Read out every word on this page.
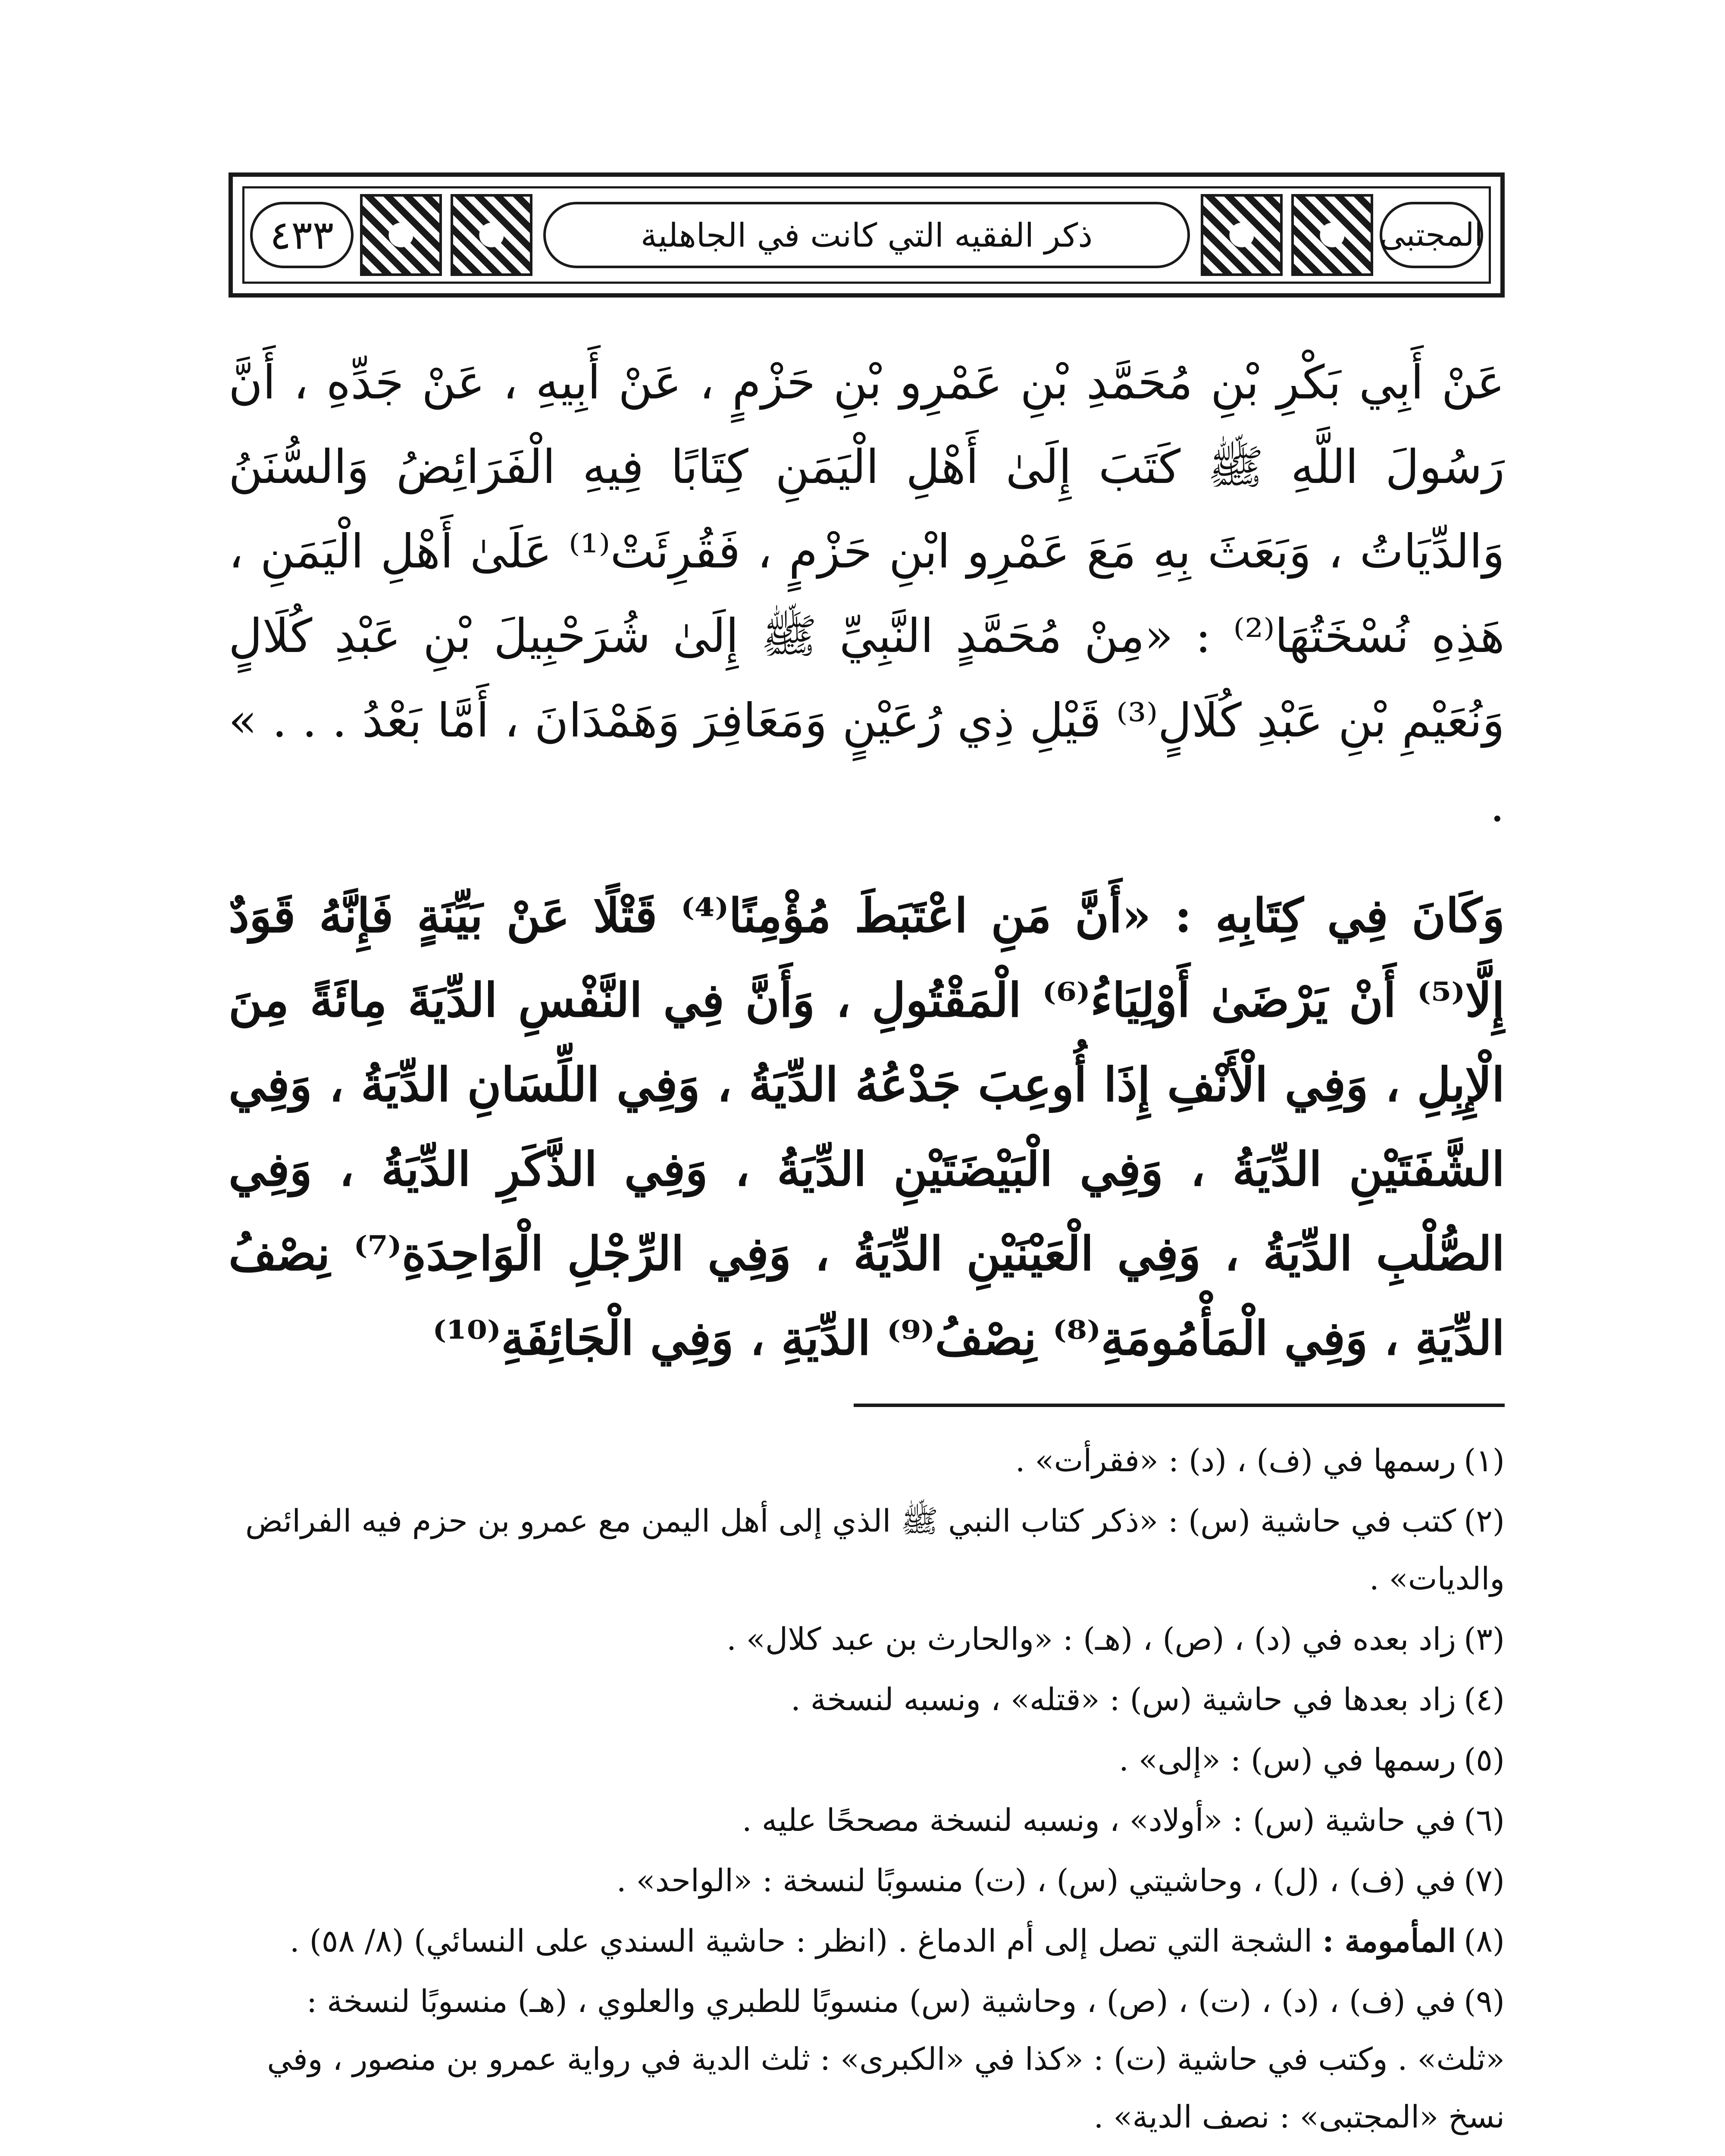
٤٣٣	ذكر الفقيه التي كانت في الجاهلية	المجتبى

عَنْ أَبِي بَكْرِ بْنِ مُحَمَّدِ بْنِ عَمْرِو بْنِ حَزْمٍ ، عَنْ أَبِيهِ ، عَنْ جَدِّهِ ، أَنَّ رَسُولَ اللَّهِ ﷺ كَتَبَ إِلَىٰ أَهْلِ الْيَمَنِ كِتَابًا فِيهِ الْفَرَائِضُ وَالسُّنَنُ وَالدِّيَاتُ ، وَبَعَثَ بِهِ مَعَ عَمْرِو ابْنِ حَزْمٍ ، فَقُرِئَتْ⁽¹⁾ عَلَىٰ أَهْلِ الْيَمَنِ ، هَذِهِ نُسْخَتُهَا⁽²⁾ : «مِنْ مُحَمَّدٍ النَّبِيِّ ﷺ إِلَىٰ شُرَحْبِيلَ بْنِ عَبْدِ كُلَالٍ وَنُعَيْمِ بْنِ عَبْدِ كُلَالٍ⁽³⁾ قَيْلِ ذِي رُعَيْنٍ وَمَعَافِرَ وَهَمْدَانَ ، أَمَّا بَعْدُ . . . » .

وَكَانَ فِي كِتَابِهِ : «أَنَّ مَنِ اعْتَبَطَ مُؤْمِنًا⁽⁴⁾ قَتْلًا عَنْ بَيِّنَةٍ فَإِنَّهُ قَوَدٌ إِلَّا⁽⁵⁾ أَنْ يَرْضَىٰ أَوْلِيَاءُ⁽⁶⁾ الْمَقْتُولِ ، وَأَنَّ فِي النَّفْسِ الدِّيَةَ مِائَةً مِنَ الْإِبِلِ ، وَفِي الْأَنْفِ إِذَا أُوعِبَ جَدْعُهُ الدِّيَةُ ، وَفِي اللِّسَانِ الدِّيَةُ ، وَفِي الشَّفَتَيْنِ الدِّيَةُ ، وَفِي الْبَيْضَتَيْنِ الدِّيَةُ ، وَفِي الذَّكَرِ الدِّيَةُ ، وَفِي الصُّلْبِ الدِّيَةُ ، وَفِي الْعَيْنَيْنِ الدِّيَةُ ، وَفِي الرِّجْلِ الْوَاحِدَةِ⁽⁷⁾ نِصْفُ الدِّيَةِ ، وَفِي الْمَأْمُومَةِ⁽⁸⁾ نِصْفُ⁽⁹⁾ الدِّيَةِ ، وَفِي الْجَائِفَةِ⁽¹⁰⁾

(١)رسمها في (ف) ، (د) : «فقرأت» .
(٢)كتب في حاشية (س) : «ذكر كتاب النبي ﷺ الذي إلى أهل اليمن مع عمرو بن حزم فيه الفرائض والديات» .
(٣)زاد بعده في (د) ، (ص) ، (هـ) : «والحارث بن عبد كلال» .
(٤)زاد بعدها في حاشية (س) : «قتله» ، ونسبه لنسخة .
(٥)رسمها في (س) : «إلى» .
(٦)في حاشية (س) : «أولاد» ، ونسبه لنسخة مصححًا عليه .
(٧)في (ف) ، (ل) ، وحاشيتي (س) ، (ت) منسوبًا لنسخة : «الواحد» .
(٨)المأمومة : الشجة التي تصل إلى أم الدماغ . (انظر : حاشية السندي على النسائي) (٨/ ٥٨) .
(٩)في (ف) ، (د) ، (ت) ، (ص) ، وحاشية (س) منسوبًا للطبري والعلوي ، (هـ) منسوبًا لنسخة : «ثلث» . وكتب في حاشية (ت) : «كذا في «الكبرى» : ثلث الدية في رواية عمرو بن منصور ، وفي نسخ «المجتبى» : نصف الدية» .
